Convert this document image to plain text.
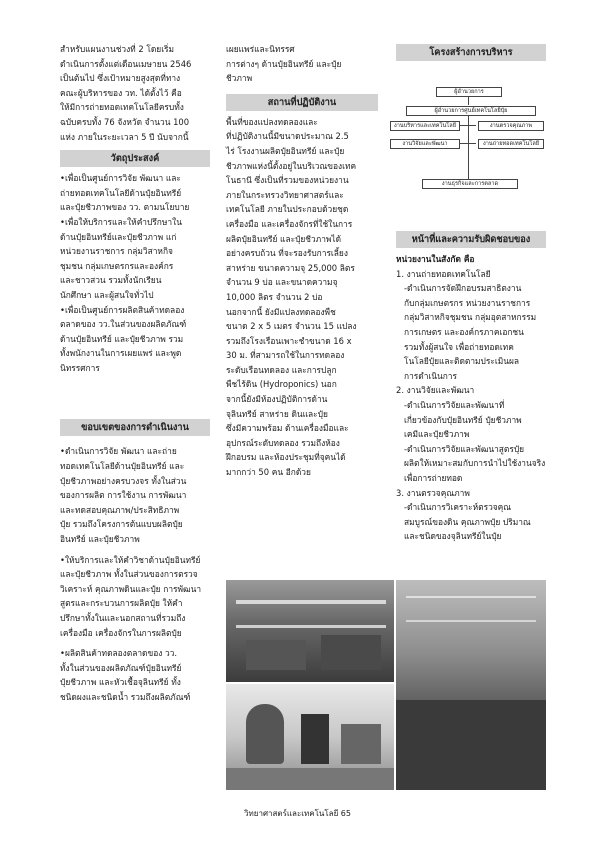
สำหรับแผนงานช่วงที่ 2 โดยเริ่ม

ดำเนินการตั้งแต่เดือนเมษายน 2546

เป็นต้นไป ซึ่งเป้าหมายสูงสุดที่ทาง

คณะผู้บริหารของ วท. ได้ตั้งไว้ คือ

ให้มีการถ่ายทอดเทคโนโลยีครบทั้ง

ฉบับครบทั้ง 76 จังหวัด จำนวน 100

แห่ง ภายในระยะเวลา 5 ปี นับจากนี้

วัตถุประสงค์

•เพื่อเป็นศูนย์การวิจัย พัฒนา และ

ถ่ายทอดเทคโนโลยีด้านปุ๋ยอินทรีย์

และปุ๋ยชีวภาพของ วว. ตามนโยบาย

•เพื่อให้บริการและให้คำปรึกษาใน

ด้านปุ๋ยอินทรีย์และปุ๋ยชีวภาพ แก่

หน่วยงานราชการ กลุ่มวิสาหกิจ

ชุมชน กลุ่มเกษตรกรและองค์กร

และชาวสวน รวมทั้งนักเรียน

นักศึกษา และผู้สนใจทั่วไป

•เพื่อเป็นศูนย์การผลิตสินค้าทดลอง

ตลาดของ วว.ในส่วนของผลิตภัณฑ์

ด้านปุ๋ยอินทรีย์ และปุ๋ยชีวภาพ รวม

ทั้งพนักงานในการเผยแพร่ และพูด

นิทรรศการ

ขอบเขตของการดำเนินงาน

•ดำเนินการวิจัย พัฒนา และถ่าย

ทอดเทคโนโลยีด้านปุ๋ยอินทรีย์ และ

ปุ๋ยชีวภาพอย่างครบวงจร ทั้งในส่วน

ของการผลิต การใช้งาน การพัฒนา

และทดสอบคุณภาพ/ประสิทธิภาพ

ปุ๋ย รวมถึงโครงการต้นแบบผลิตปุ๋ย

อินทรีย์ และปุ๋ยชีวภาพ

•ให้บริการและให้คำวิชาด้านปุ๋ยอินทรีย์

และปุ๋ยชีวภาพ ทั้งในส่วนของการตรวจ

วิเคราะห์ คุณภาพดินและปุ๋ย การพัฒนา

สูตรและกระบวนการผลิตปุ๋ย ให้คำ

ปรึกษาทั้งในและนอกสถานที่รวมถึง

เครื่องมือ เครื่องจักรในการผลิตปุ๋ย

•ผลิตสินค้าทดลองตลาดของ วว.

ทั้งในส่วนของผลิตภัณฑ์ปุ๋ยอินทรีย์

ปุ๋ยชีวภาพ และหัวเชื้อจุลินทรีย์ ทั้ง

ชนิดผงและชนิดน้ำ รวมถึงผลิตภัณฑ์

เผยแพร่และนิทรรศ

การต่างๆ ด้านปุ๋ยอินทรีย์ และปุ๋ย

ชีวภาพ

สถานที่ปฏิบัติงาน

พื้นที่ของแปลงทดลองและ

ที่ปฏิบัติงานนี้มีขนาดประมาณ 2.5

ไร่ โรงงานผลิตปุ๋ยอินทรีย์ และปุ๋ย

ชีวภาพแห่งนี้ตั้งอยู่ในบริเวณของเทค

โนธานี ซึ่งเป็นที่รวมของหน่วยงาน

ภายในกระทรวงวิทยาศาสตร์และ

เทคโนโลยี ภายในประกอบด้วยชุด

เครื่องมือ และเครื่องจักรที่ใช้ในการ

ผลิตปุ๋ยอินทรีย์ และปุ๋ยชีวภาพได้

อย่างครบถ้วน ที่จะรองรับการเลี้ยง

สาหร่าย ขนาดความจุ 25,000 ลิตร

จำนวน 9 บ่อ และขนาดความจุ

10,000 ลิตร จำนวน 2 บ่อ

นอกจากนี้ ยังมีแปลงทดลองพืช

ขนาด 2 x 5 เมตร จำนวน 15 แปลง

รวมถึงโรงเรือนเพาะชำขนาด 16 x

30 ม. ที่สามารถใช้ในการทดลอง

ระดับเรือนทดลอง และการปลูก

พืชไร้ดิน (Hydroponics) นอก

จากนี้ยังมีห้องปฏิบัติการด้าน

จุลินทรีย์ สาหร่าย ดินและปุ๋ย

ซึ่งมีความพร้อม ด้านเครื่องมือและ

อุปกรณ์ระดับทดลอง รวมถึงห้อง

ฝึกอบรม และห้องประชุมที่จุคนได้

มากกว่า 50 คน อีกด้วย

โครงสร้างการบริหาร
ผู้อำนวยการ
ผู้อำนวยการศูนย์เทคโนโลยีปุ๋ย
งานบริหารและเทคโนโลยี	งานตรวจคุณภาพ
งานวิจัยและพัฒนา	งานถ่ายทอดเทคโนโลยี
งานธุรกิจและการตลาด
หน้าที่และความรับผิดชอบของ

หน่วยงานในสังกัด คือ

1. งานถ่ายทอดเทคโนโลยี

-ดำเนินการจัดฝึกอบรมสาธิตงาน

กับกลุ่มเกษตรกร หน่วยงานราชการ

กลุ่มวิสาหกิจชุมชน กลุ่มอุตสาหกรรม

การเกษตร และองค์กรภาคเอกชน

รวมทั้งผู้สนใจ เพื่อถ่ายทอดเทค

โนโลยีปุ๋ยและติดตามประเมินผล

การดำเนินการ

2. งานวิจัยและพัฒนา

-ดำเนินการวิจัยและพัฒนาที่

เกี่ยวข้องกับปุ๋ยอินทรีย์ ปุ๋ยชีวภาพ

เคมีและปุ๋ยชีวภาพ

-ดำเนินการวิจัยและพัฒนาสูตรปุ๋ย

ผลิตให้เหมาะสมกับการนำไปใช้งานจริง

เพื่อการถ่ายทอด

3. งานตรวจคุณภาพ

-ดำเนินการวิเคราะห์ตรวจคุณ

สมบูรณ์ของดิน คุณภาพปุ๋ย ปริมาณ

และชนิดของจุลินทรีย์ในปุ๋ย

วิทยาศาสตร์และเทคโนโลยี 65
